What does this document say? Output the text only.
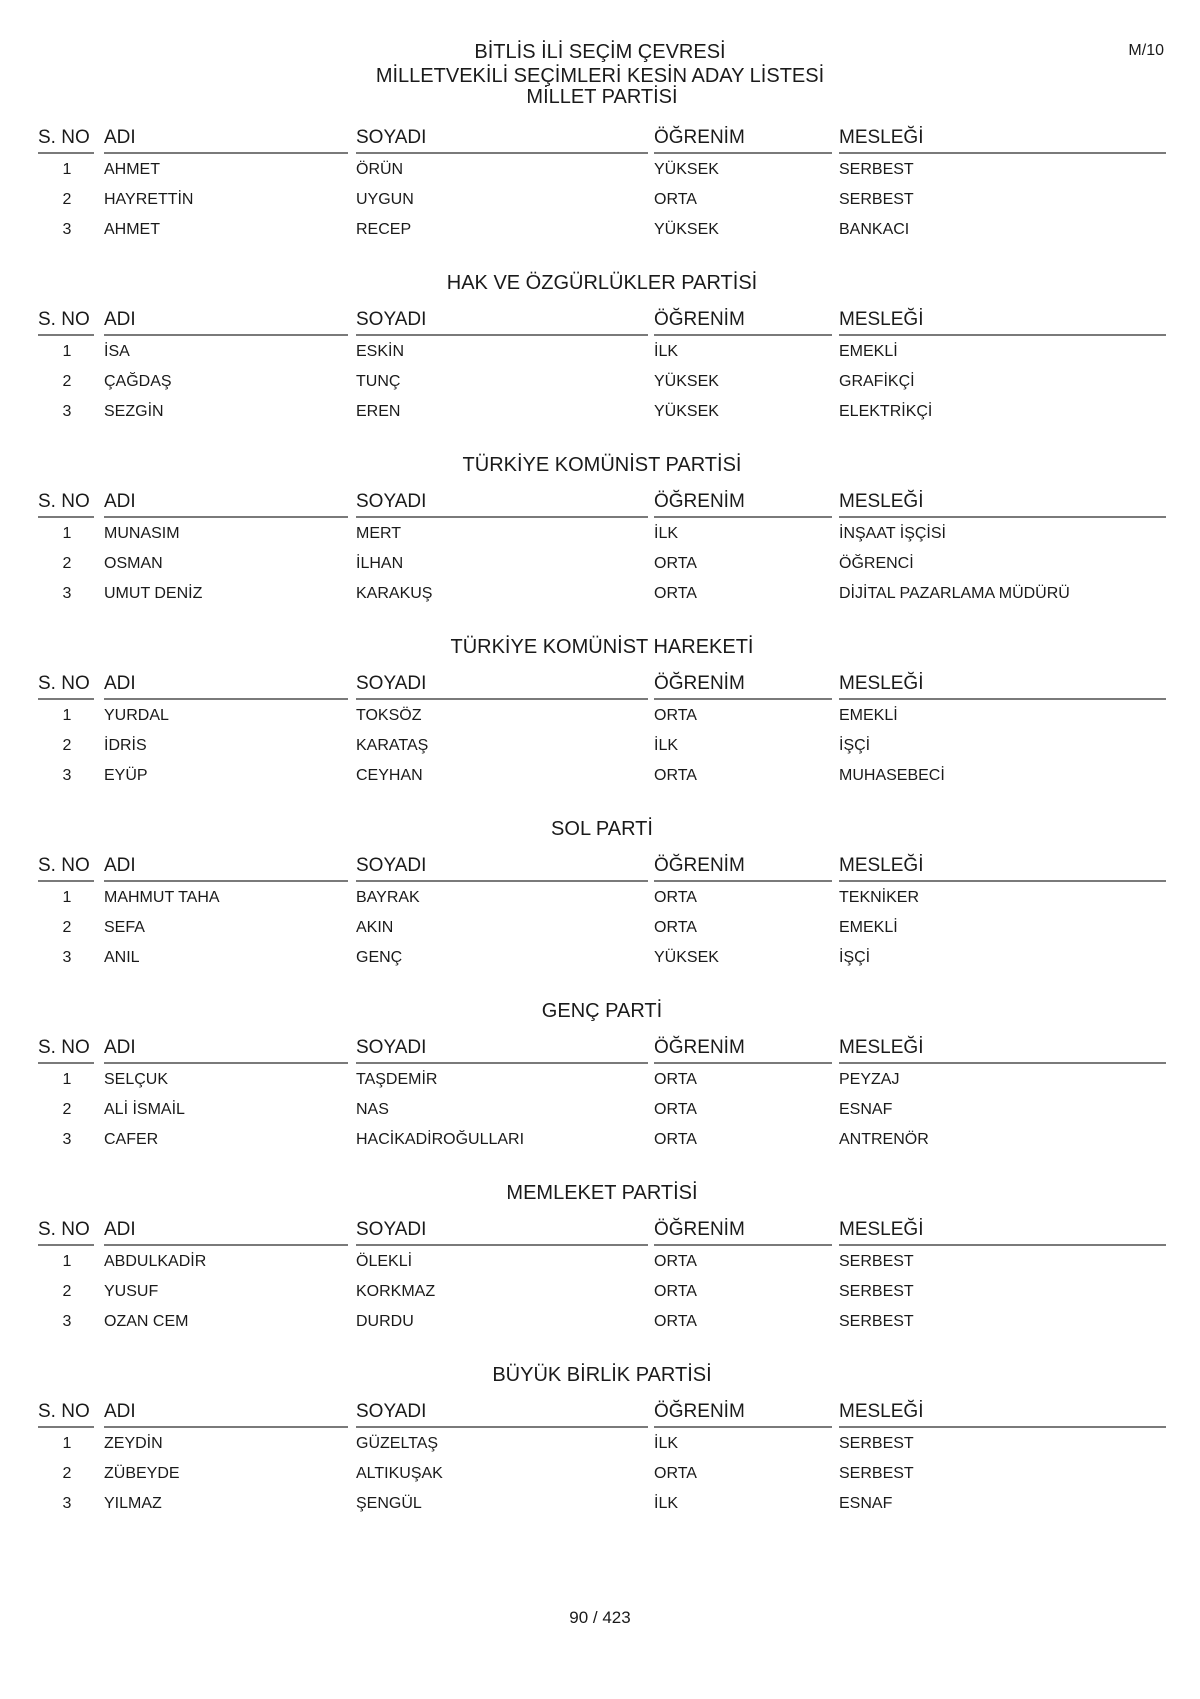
M/10
BİTLİS İLİ SEÇİM ÇEVRESİ
MİLLETVEKİLİ SEÇİMLERİ KESİN ADAY LİSTESİ
MİLLET PARTİSİ
S. NO ADI	SOYADI	ÖĞRENİM	MESLEĞİ
1	AHMET	ÖRÜN	YÜKSEK	SERBEST
2	HAYRETTİN	UYGUN	ORTA	SERBEST
3	AHMET	RECEP	YÜKSEK	BANKACI
HAK VE ÖZGÜRLÜKLER PARTİSİ
S. NO ADI	SOYADI	ÖĞRENİM	MESLEĞİ
1	İSA	ESKİN	İLK	EMEKLİ
2	ÇAĞDAŞ	TUNÇ	YÜKSEK	GRAFİKÇİ
3	SEZGİN	EREN	YÜKSEK	ELEKTRİKÇİ
TÜRKİYE KOMÜNİST PARTİSİ
S. NO ADI	SOYADI	ÖĞRENİM	MESLEĞİ
1	MUNASIM	MERT	İLK	İNŞAAT İŞÇİSİ
2	OSMAN	İLHAN	ORTA	ÖĞRENCİ
3	UMUT DENİZ	KARAKUŞ	ORTA	DİJİTAL PAZARLAMA MÜDÜRÜ
TÜRKİYE KOMÜNİST HAREKETİ
S. NO ADI	SOYADI	ÖĞRENİM	MESLEĞİ
1	YURDAL	TOKSÖZ	ORTA	EMEKLİ
2	İDRİS	KARATAŞ	İLK	İŞÇİ
3	EYÜP	CEYHAN	ORTA	MUHASEBECİ
SOL PARTİ
S. NO ADI	SOYADI	ÖĞRENİM	MESLEĞİ
1	MAHMUT TAHA	BAYRAK	ORTA	TEKNİKER
2	SEFA	AKIN	ORTA	EMEKLİ
3	ANIL	GENÇ	YÜKSEK	İŞÇİ
GENÇ PARTİ
S. NO ADI	SOYADI	ÖĞRENİM	MESLEĞİ
1	SELÇUK	TAŞDEMİR	ORTA	PEYZAJ
2	ALİ İSMAİL	NAS	ORTA	ESNAF
3	CAFER	HACİKADİROĞULLARI	ORTA	ANTRENÖR
MEMLEKET PARTİSİ
S. NO ADI	SOYADI	ÖĞRENİM	MESLEĞİ
1	ABDULKADİR	ÖLEKLİ	ORTA	SERBEST
2	YUSUF	KORKMAZ	ORTA	SERBEST
3	OZAN CEM	DURDU	ORTA	SERBEST
BÜYÜK BİRLİK PARTİSİ
S. NO ADI	SOYADI	ÖĞRENİM	MESLEĞİ
1	ZEYDİN	GÜZELTAŞ	İLK	SERBEST
2	ZÜBEYDE	ALTIKUŞAK	ORTA	SERBEST
3	YILMAZ	ŞENGÜL	İLK	ESNAF
90 / 423
